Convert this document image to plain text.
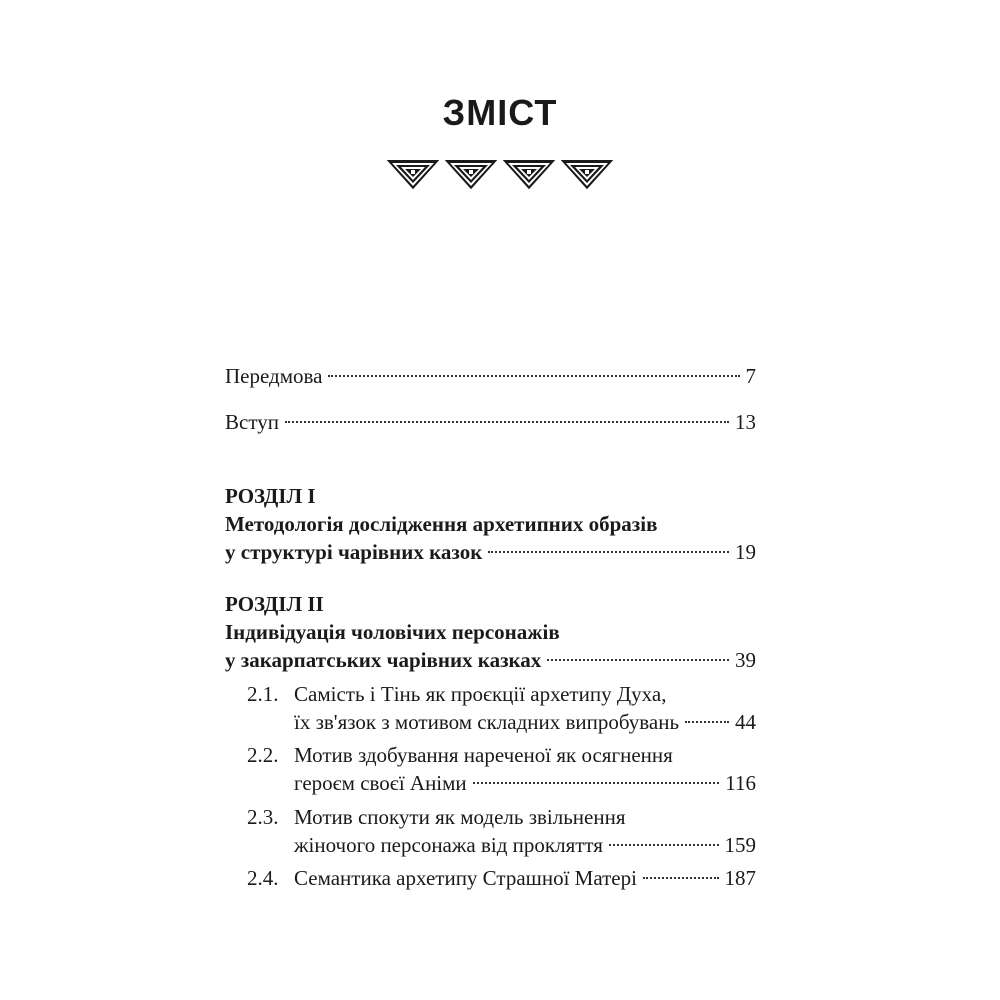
ЗМІСТ
Передмова	7
Вступ	13
РОЗДІЛ І
Методологія дослідження архетипних образів
у структурі чарівних казок	19
РОЗДІЛ ІІ
Індивідуація чоловічих персонажів
у закарпатських чарівних казках	39
2.1. Самість і Тінь як проєкції архетипу Духа,
їх зв'язок з мотивом складних випробувань	44
2.2. Мотив здобування нареченої як осягнення
героєм своєї Аніми	116
2.3. Мотив спокути як модель звільнення
жіночого персонажа від прокляття	159
2.4. Семантика архетипу Страшної Матері	187
